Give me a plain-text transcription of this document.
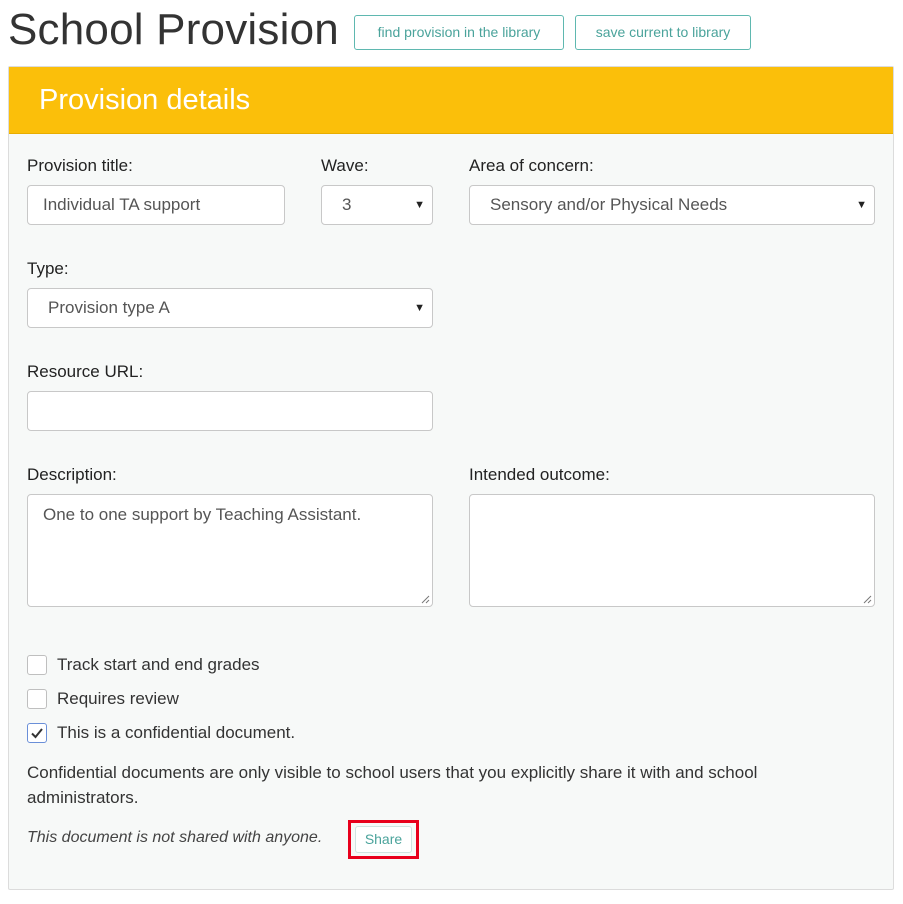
School Provision	find provision in the library	save current to library
Provision details
Provision title:
Individual TA support
Wave:
3	▼
Area of concern:
Sensory and/or Physical Needs	▼
Type:
Provision type A	▼
Resource URL:
Description:
One to one support by Teaching Assistant.
Intended outcome:
Track start and end grades
Requires review
This is a confidential document.

Confidential documents are only visible to school users that you explicitly share it with and school administrators.

This document is not shared with anyone.	Share
